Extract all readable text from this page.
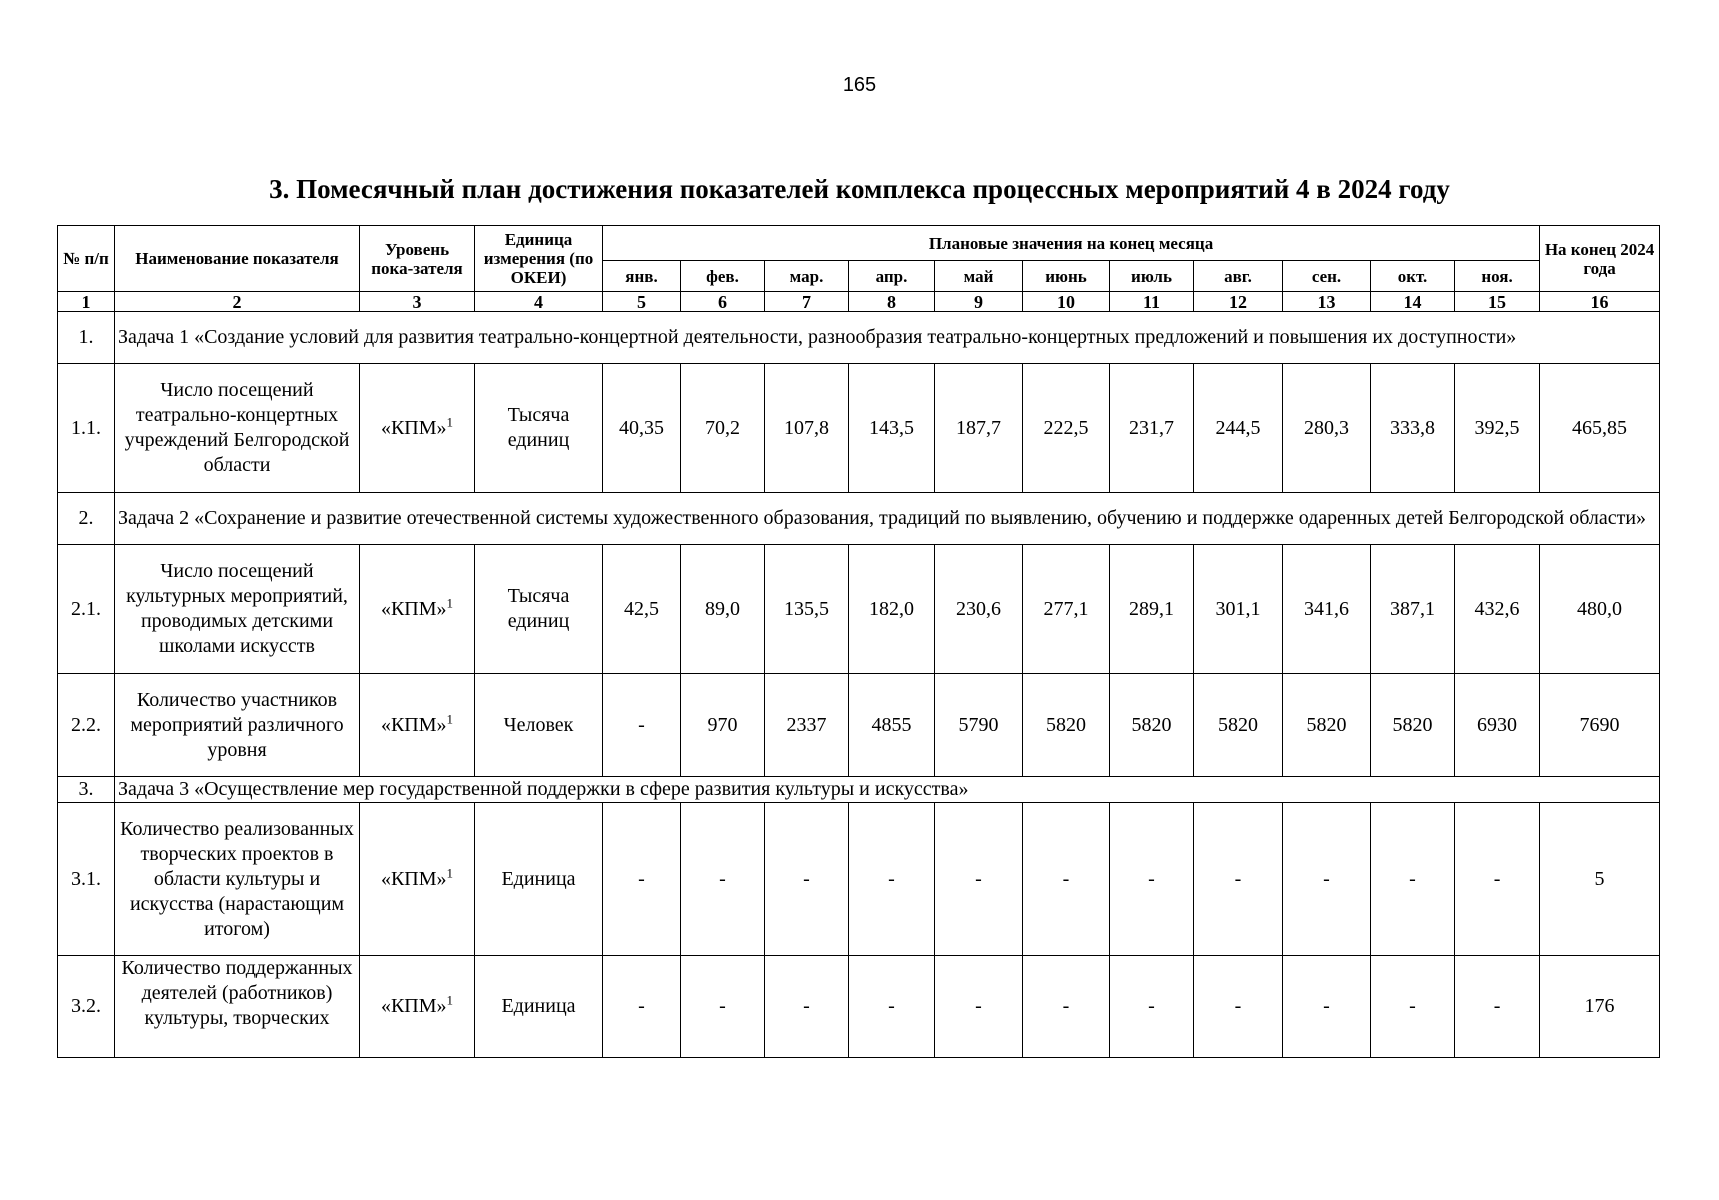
165
3. Помесячный план достижения показателей комплекса процессных мероприятий 4 в 2024 году
№ п/п	Наименование показателя	Уровень пока-зателя	Единица измерения (по ОКЕИ)	Плановые значения на конец месяца											На конец 2024 года
				янв.	фев.	мар.	апр.	май	июнь	июль	авг.	сен.	окт.	ноя.	
1	2	3	4	5	6	7	8	9	10	11	12	13	14	15	16
1.	Задача 1 «Создание условий для развития театрально-концертной деятельности, разнообразия театрально-концертных предложений и повышения их доступности»														
1.1.	Число посещений театрально-концертных учреждений Белгородской области	«КПМ»$^1$	Тысяча единиц	40,35	70,2	107,8	143,5	187,7	222,5	231,7	244,5	280,3	333,8	392,5	465,85
2.	Задача 2 «Сохранение и развитие отечественной системы художественного образования, традиций по выявлению, обучению и поддержке одаренных детей Белгородской области»														
2.1.	Число посещений культурных мероприятий, проводимых детскими школами искусств	«КПМ»$^1$	Тысяча единиц	42,5	89,0	135,5	182,0	230,6	277,1	289,1	301,1	341,6	387,1	432,6	480,0
2.2.	Количество участников мероприятий различного уровня	«КПМ»$^1$	Человек	-	970	2337	4855	5790	5820	5820	5820	5820	5820	6930	7690
3.	Задача 3 «Осуществление мер государственной поддержки в сфере развития культуры и искусства»														
3.1.	Количество реализованных творческих проектов в области культуры и искусства (нарастающим итогом)	«КПМ»$^1$	Единица	-	-	-	-	-	-	-	-	-	-	-	5
3.2.	Количество поддержанных деятелей (работников) культуры, творческих	«КПМ»$^1$	Единица	-	-	-	-	-	-	-	-	-	-	-	176
